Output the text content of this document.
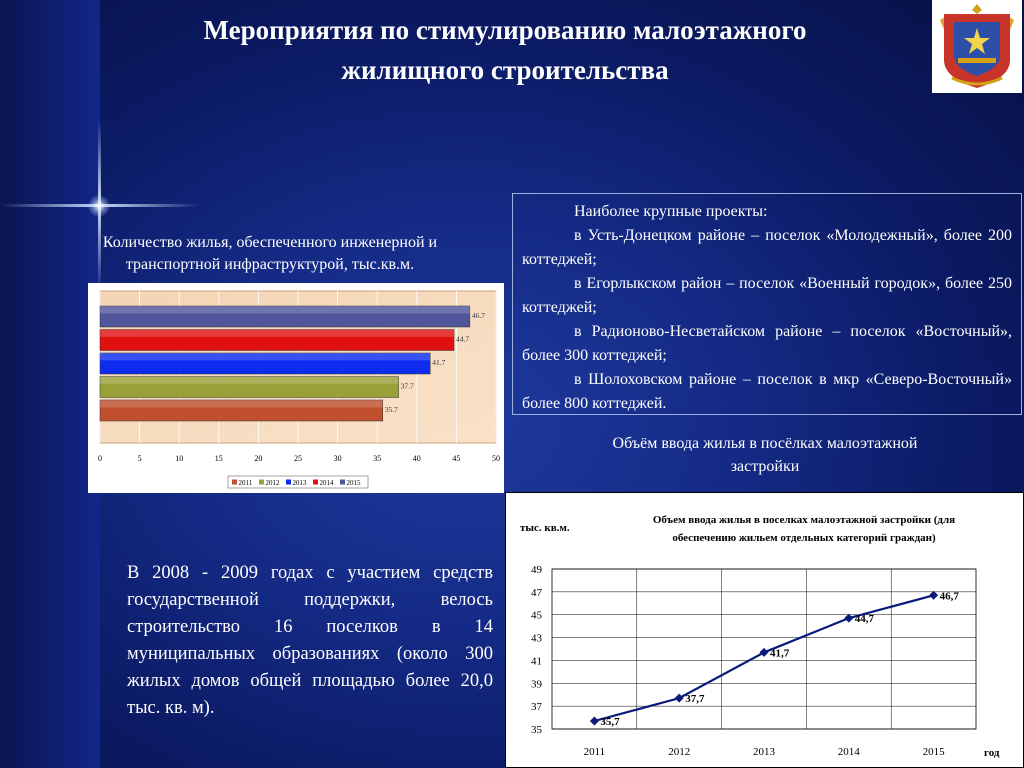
Мероприятия по стимулированию малоэтажного
жилищного строительства
Количество жилья, обеспеченного инженерной и
транспортной инфраструктурой, тыс.кв.м.
46.7
44.7
41.7
37.7
35.7
0	5	10	15	20	25	30	35	40	45	50
2011 2012 2013 2014 2015

Наиболее крупные проекты:

в Усть-Донецком районе – поселок «Молодежный», более 200 коттеджей;

в Егорлыкском район – поселок «Военный городок», более 250 коттеджей;

в Радионово-Несветайском районе – поселок «Восточный», более 300 коттеджей;

в Шолоховском районе – поселок в мкр «Северо-Восточный» более 800 коттеджей.

Объём ввода жилья в посёлках малоэтажной
застройки
В 2008 - 2009 годах с участием средств государственной поддержки, велось строительство 16 поселков в 14 муниципальных образованиях (около 300 жилых домов общей площадью более 20,0 тыс. кв. м).
тыс. кв.м.
Объем ввода жилья в поселках малоэтажной застройки (для
обеспечению жильем отдельных категорий граждан)
35,7
37,7
41,7
44,7
46,7
35
37
39
41
43
45
47
49
2011	2012	2013	2014	2015	год
